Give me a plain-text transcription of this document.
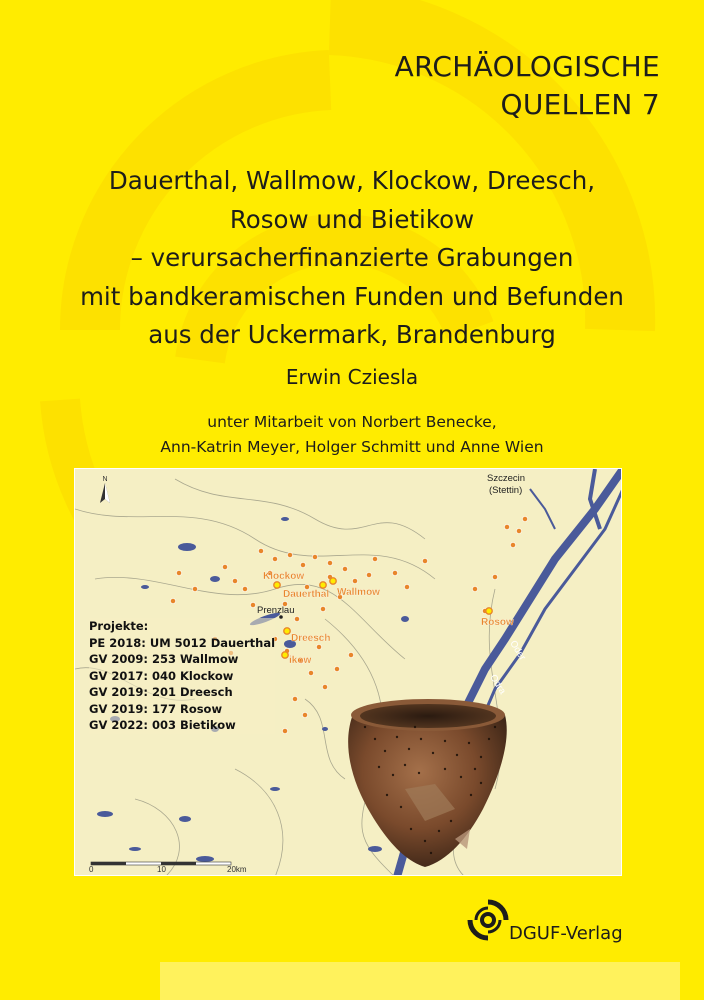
ARCHÄOLOGISCHE
QUELLEN 7
Dauerthal, Wallmow, Klockow, Dreesch,
Rosow und Bietikow
– verursacherfinanzierte Grabungen
mit bandkeramischen Funden und Befunden
aus der Uckermark, Brandenburg
Erwin Cziesla
unter Mitarbeit von Norbert Benecke,
Ann-Katrin Meyer, Holger Schmitt und Anne Wien
N
Klockow
Dauerthal Wallmow
Dreesch
ikow
Rosow
Prenzlau
Szczecin
(Stettin)
Oder
Odra
Projekte:
PE 2018: UM 5012 Dauerthal
GV 2009: 253 Wallmow
GV 2017: 040 Klockow
GV 2019: 201 Dreesch
GV 2019: 177 Rosow
GV 2022: 003 Bietikow
0	10	20km
DGUF-Verlag
